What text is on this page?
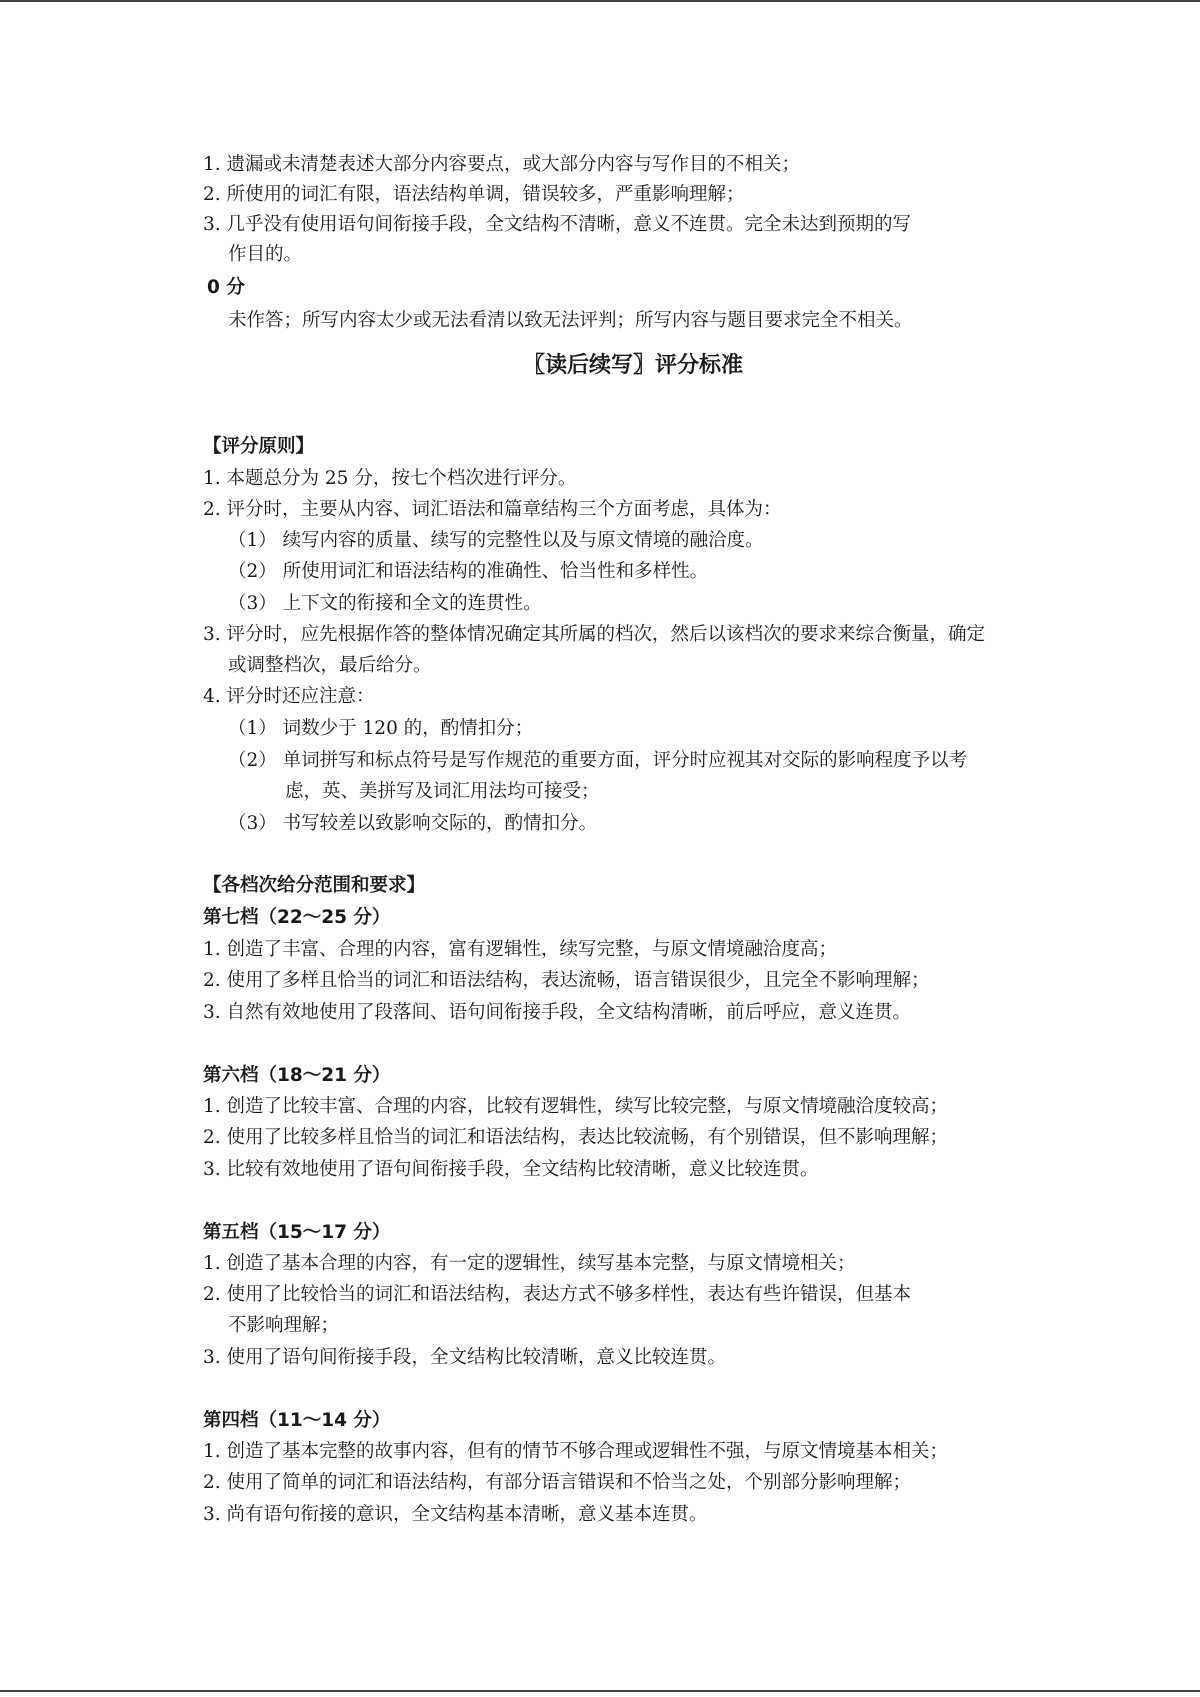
1. 遗漏或未清楚表述大部分内容要点，或大部分内容与写作目的不相关；
2. 所使用的词汇有限，语法结构单调，错误较多，严重影响理解；
3. 几乎没有使用语句间衔接手段，全文结构不清晰，意义不连贯。完全未达到预期的写
作目的。
0 分
未作答；所写内容太少或无法看清以致无法评判；所写内容与题目要求完全不相关。
〖读后续写〗评分标准
【评分原则】
1. 本题总分为 25 分，按七个档次进行评分。
2. 评分时，主要从内容、词汇语法和篇章结构三个方面考虑，具体为：
（1） 续写内容的质量、续写的完整性以及与原文情境的融洽度。
（2） 所使用词汇和语法结构的准确性、恰当性和多样性。
（3） 上下文的衔接和全文的连贯性。
3. 评分时，应先根据作答的整体情况确定其所属的档次，然后以该档次的要求来综合衡量，确定
或调整档次，最后给分。
4. 评分时还应注意：
（1） 词数少于 120 的，酌情扣分；
（2） 单词拼写和标点符号是写作规范的重要方面，评分时应视其对交际的影响程度予以考
虑，英、美拼写及词汇用法均可接受；
（3） 书写较差以致影响交际的，酌情扣分。
【各档次给分范围和要求】
第七档（22～25 分）
1. 创造了丰富、合理的内容，富有逻辑性，续写完整，与原文情境融洽度高；
2. 使用了多样且恰当的词汇和语法结构，表达流畅，语言错误很少，且完全不影响理解；
3. 自然有效地使用了段落间、语句间衔接手段，全文结构清晰，前后呼应，意义连贯。
第六档（18～21 分）
1. 创造了比较丰富、合理的内容，比较有逻辑性，续写比较完整，与原文情境融洽度较高；
2. 使用了比较多样且恰当的词汇和语法结构，表达比较流畅，有个别错误，但不影响理解；
3. 比较有效地使用了语句间衔接手段，全文结构比较清晰，意义比较连贯。
第五档（15～17 分）
1. 创造了基本合理的内容，有一定的逻辑性，续写基本完整，与原文情境相关；
2. 使用了比较恰当的词汇和语法结构，表达方式不够多样性，表达有些许错误，但基本
不影响理解；
3. 使用了语句间衔接手段，全文结构比较清晰，意义比较连贯。
第四档（11～14 分）
1. 创造了基本完整的故事内容，但有的情节不够合理或逻辑性不强，与原文情境基本相关；
2. 使用了简单的词汇和语法结构，有部分语言错误和不恰当之处，个别部分影响理解；
3. 尚有语句衔接的意识，全文结构基本清晰，意义基本连贯。
